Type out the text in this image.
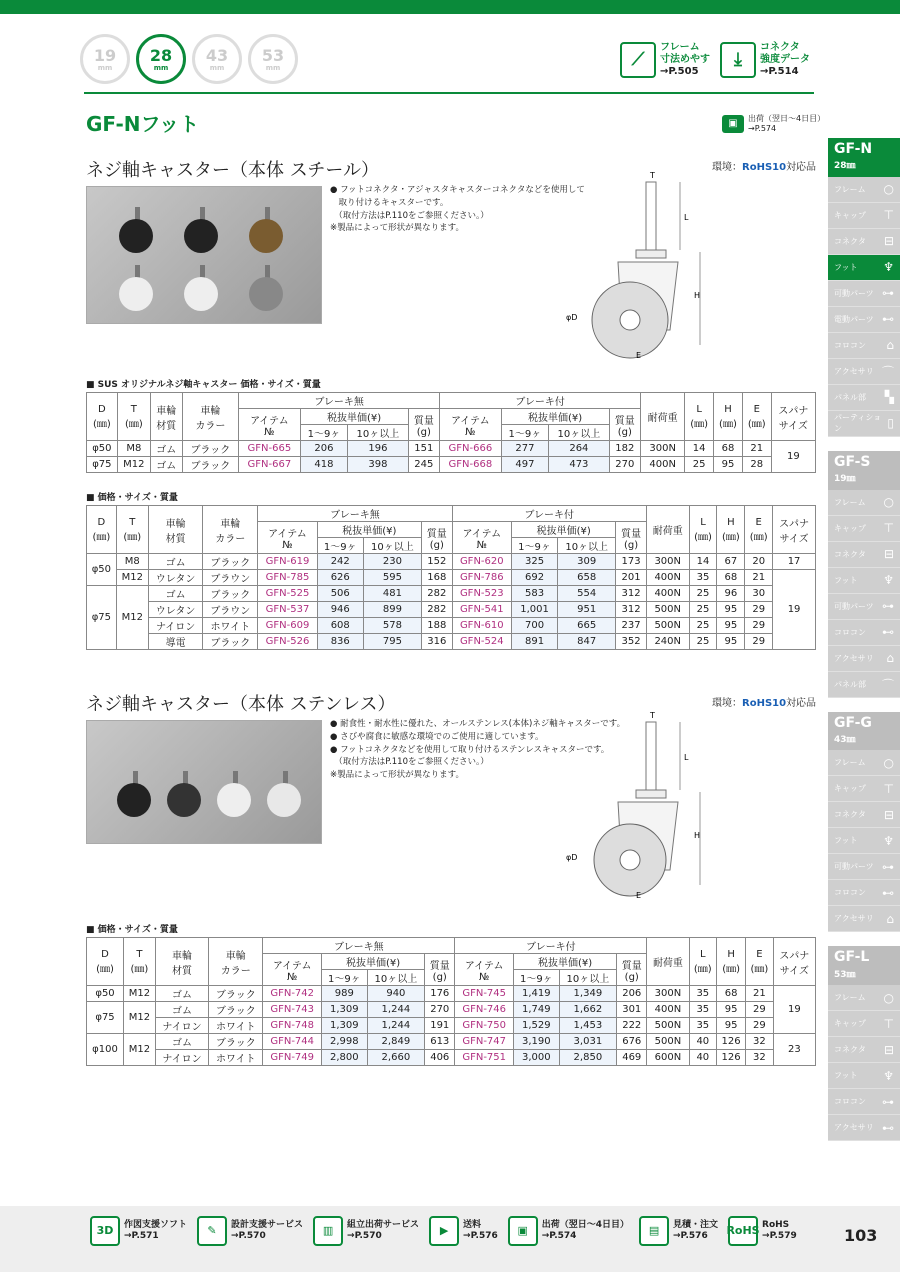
19
mm
28
mm
43
mm
53
mm	⟋
フレーム
寸法めやす
→P.505
⤓
コネクタ
強度データ
→P.514
GF-Nフット	▣	出荷（翌日〜4日目）
→P.574
ネジ軸キャスター（本体 スチール）	環境：RoHS10対応品
● フットコネクタ・アジャスタキャスターコネクタなどを使用して
　取り付けるキャスターです。
　（取付方法はP.110をご参照ください。）
※製品によって形状が異なります。
T
L
H
φD
E
■ SUS オリジナルネジ軸キャスター 価格・サイズ・質量
D
(㎜)	T
(㎜)	車輪
材質	車輪
カラー	ブレーキ無				ブレーキ付				耐荷重	L
(㎜)	H
(㎜)	E
(㎜)	スパナ
サイズ
				アイテム
№	税抜単価(¥)		質量
(g)	アイテム
№	税抜単価(¥)		質量
(g)					
					1〜9ヶ	10ヶ以上			1〜9ヶ	10ヶ以上						
φ50	M8	ゴム	ブラック	GFN-665	206	196	151	GFN-666	277	264	182	300N	14	68	21	19
φ75	M12	ゴム	ブラック	GFN-667	418	398	245	GFN-668	497	473	270	400N	25	95	28	
■ 価格・サイズ・質量
D
(㎜)	T
(㎜)	車輪
材質	車輪
カラー	ブレーキ無				ブレーキ付				耐荷重	L
(㎜)	H
(㎜)	E
(㎜)	スパナ
サイズ
				アイテム
№	税抜単価(¥)		質量
(g)	アイテム
№	税抜単価(¥)		質量
(g)					
					1〜9ヶ	10ヶ以上			1〜9ヶ	10ヶ以上						
φ50	M8	ゴム	ブラック	GFN-619	242	230	152	GFN-620	325	309	173	300N	14	67	20	17
	M12	ウレタン	ブラウン	GFN-785	626	595	168	GFN-786	692	658	201	400N	35	68	21	19
φ75	M12	ゴム	ブラック	GFN-525	506	481	282	GFN-523	583	554	312	400N	25	96	30	
		ウレタン	ブラウン	GFN-537	946	899	282	GFN-541	1,001	951	312	500N	25	95	29	
		ナイロン	ホワイト	GFN-609	608	578	188	GFN-610	700	665	237	500N	25	95	29	
		導電	ブラック	GFN-526	836	795	316	GFN-524	891	847	352	240N	25	95	29	
ネジ軸キャスター（本体 ステンレス）	環境：RoHS10対応品
● 耐食性・耐水性に優れた、オールステンレス(本体)ネジ軸キャスターです。
● さびや腐食に敏感な環境でのご使用に適しています。
● フットコネクタなどを使用して取り付けるステンレスキャスターです。
　（取付方法はP.110をご参照ください。）
※製品によって形状が異なります。
T
L
H
φD
E
■ 価格・サイズ・質量
D
(㎜)	T
(㎜)	車輪
材質	車輪
カラー	ブレーキ無				ブレーキ付				耐荷重	L
(㎜)	H
(㎜)	E
(㎜)	スパナ
サイズ
				アイテム
№	税抜単価(¥)		質量
(g)	アイテム
№	税抜単価(¥)		質量
(g)					
					1〜9ヶ	10ヶ以上			1〜9ヶ	10ヶ以上						
φ50	M12	ゴム	ブラック	GFN-742	989	940	176	GFN-745	1,419	1,349	206	300N	35	68	21	19
φ75	M12	ゴム	ブラック	GFN-743	1,309	1,244	270	GFN-746	1,749	1,662	301	400N	35	95	29	
		ナイロン	ホワイト	GFN-748	1,309	1,244	191	GFN-750	1,529	1,453	222	500N	35	95	29	
φ100	M12	ゴム	ブラック	GFN-744	2,998	2,849	613	GFN-747	3,190	3,031	676	500N	40	126	32	23
		ナイロン	ホワイト	GFN-749	2,800	2,660	406	GFN-751	3,000	2,850	469	600N	40	126	32	
GF-N
28㎜
フレーム ○
キャップ ⊤
コネクタ ⊟
フット ♆
可動パーツ ⊶
電動パーツ ⊷
コロコン ⌂
アクセサリ ⌒
パネル部 ▚
パーティション	▯
GF-S
19㎜
フレーム ○
キャップ ⊤
コネクタ ⊟
フット ♆
可動パーツ ⊶
コロコン ⊷
アクセサリ ⌂
パネル部 ⌒
GF-G
43㎜
フレーム ○
キャップ ⊤
コネクタ ⊟
フット ♆
可動パーツ ⊶
コロコン ⊷
アクセサリ ⌂
GF-L
53㎜
フレーム ○
キャップ ⊤
コネクタ ⊟
フット ♆
コロコン ⊶
アクセサリ ⊷
3D	作図支援ソフト
→P.571	✎	設計支援サービス
→P.570	▥	組立出荷サービス
→P.570	▶	送料
→P.576	▣	出荷（翌日〜4日目）
→P.574	▤	見積・注文
→P.576	RoHS RoHS
→P.579	103
